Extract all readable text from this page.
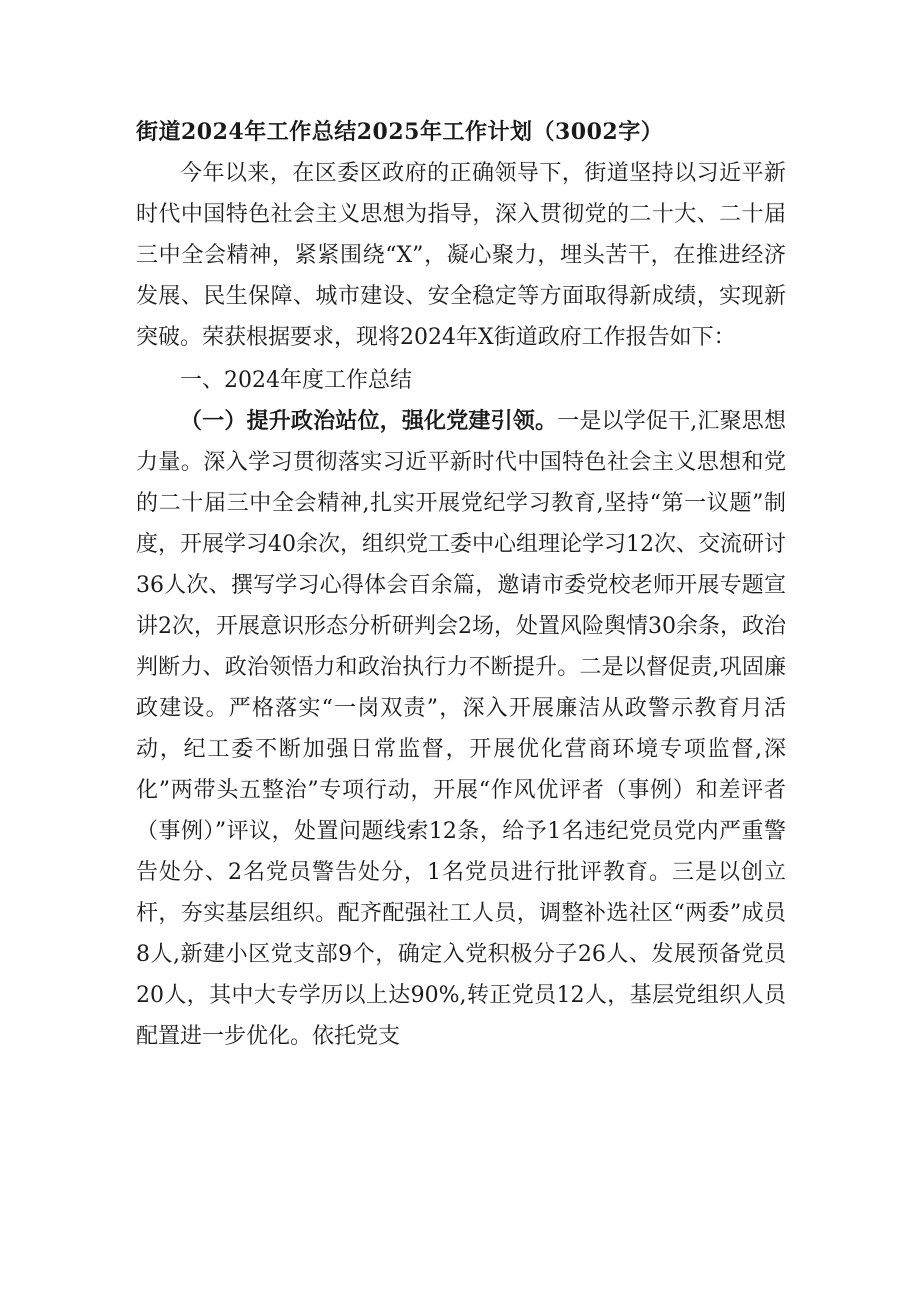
街道2024年工作总结2025年工作计划（3002字）

今年以来，在区委区政府的正确领导下，街道坚持以习近平新时代中国特色社会主义思想为指导，深入贯彻党的二十大、二十届三中全会精神，紧紧围绕“X”，凝心聚力，埋头苦干，在推进经济发展、民生保障、城市建设、安全稳定等方面取得新成绩，实现新突破。荣获根据要求，现将2024年X街道政府工作报告如下：

一、2024年度工作总结

（一）提升政治站位，强化党建引领。一是以学促干,汇聚思想力量。深入学习贯彻落实习近平新时代中国特色社会主义思想和党的二十届三中全会精神,扎实开展党纪学习教育,坚持“第一议题”制度，开展学习40余次，组织党工委中心组理论学习12次、交流研讨36人次、撰写学习心得体会百余篇，邀请市委党校老师开展专题宣讲2次，开展意识形态分析研判会2场，处置风险舆情30余条，政治判断力、政治领悟力和政治执行力不断提升。二是以督促责,巩固廉政建设。严格落实“一岗双责”，深入开展廉洁从政警示教育月活动，纪工委不断加强日常监督，开展优化营商环境专项监督,深化”两带头五整治”专项行动，开展“作风优评者（事例）和差评者（事例）”评议，处置问题线索12条，给予1名违纪党员党内严重警告处分、2名党员警告处分，1名党员进行批评教育。三是以创立杆，夯实基层组织。配齐配强社工人员，调整补选社区“两委”成员8人,新建小区党支部9个，确定入党积极分子26人、发展预备党员20人，其中大专学历以上达90%,转正党员12人，基层党组织人员配置进一步优化。依托党支
